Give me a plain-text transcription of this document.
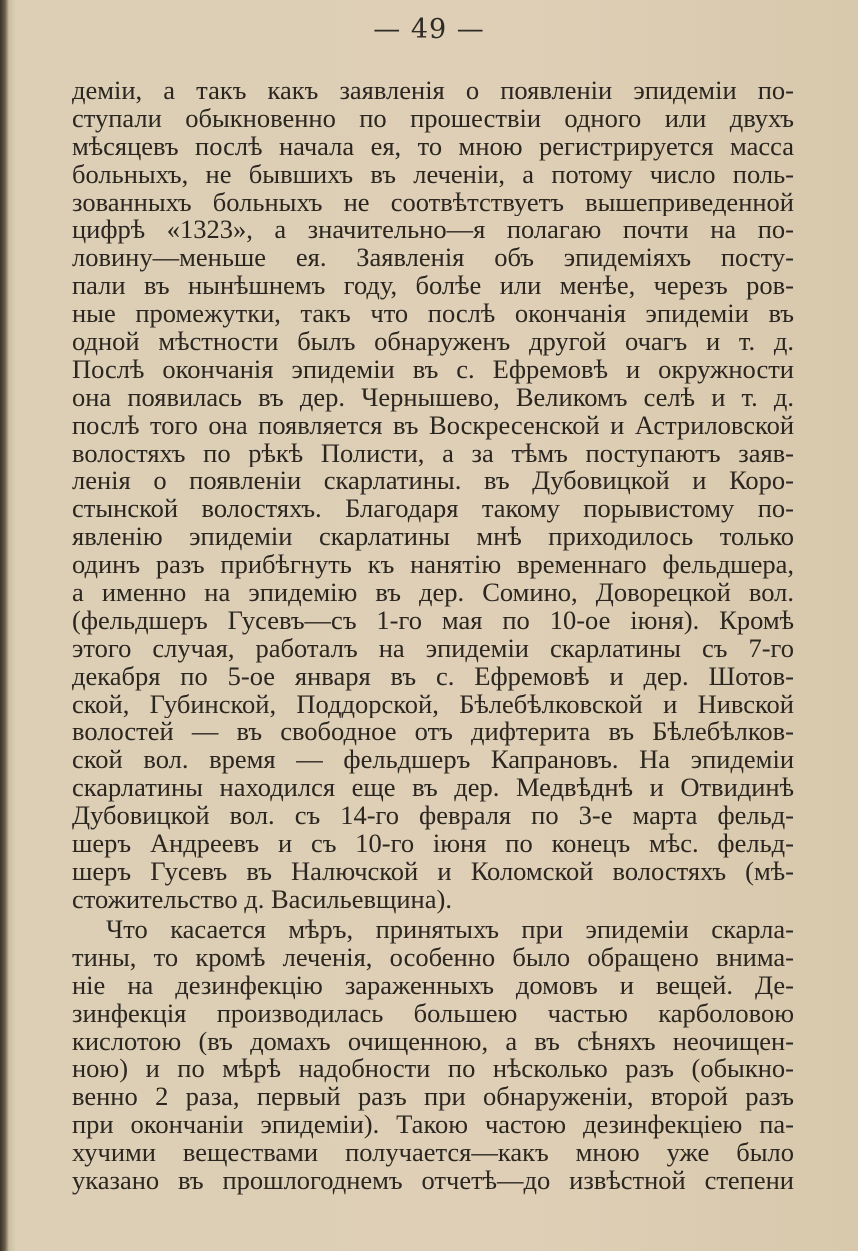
— 49 —
деміи, а такъ какъ заявленія о появленіи эпидеміи по-
ступали обыкновенно по прошествіи одного или двухъ
мѣсяцевъ послѣ начала ея, то мною регистрируется масса
больныхъ, не бывшихъ въ леченіи, а потому число поль-
зованныхъ больныхъ не соотвѣтствуетъ вышеприведенной
цифрѣ «1323», а значительно—я полагаю почти на по-
ловину—меньше ея. Заявленія объ эпидеміяхъ посту-
пали въ нынѣшнемъ году, болѣе или менѣе, черезъ ров-
ные промежутки, такъ что послѣ окончанія эпидеміи въ
одной мѣстности былъ обнаруженъ другой очагъ и т. д.
Послѣ окончанія эпидеміи въ с. Ефремовѣ и окружности
она появилась въ дер. Чернышево, Великомъ селѣ и т. д.
послѣ того она появляется въ Воскресенской и Астриловской
волостяхъ по рѣкѣ Полисти, а за тѣмъ поступаютъ заяв-
ленія о появленіи скарлатины. въ Дубовицкой и Коро-
стынской волостяхъ. Благодаря такому порывистому по-
явленію эпидеміи скарлатины мнѣ приходилось только
одинъ разъ прибѣгнуть къ нанятію временнаго фельдшера,
а именно на эпидемію въ дер. Сомино, Доворецкой вол.
(фельдшеръ Гусевъ—съ 1-го мая по 10-ое іюня). Кромѣ
этого случая, работалъ на эпидеміи скарлатины съ 7-го
декабря по 5-ое января въ с. Ефремовѣ и дер. Шотов-
ской, Губинской, Поддорской, Бѣлебѣлковской и Нивской
волостей — въ свободное отъ дифтерита въ Бѣлебѣлков-
ской вол. время — фельдшеръ Капрановъ. На эпидеміи
скарлатины находился еще въ дер. Медвѣднѣ и Отвидинѣ
Дубовицкой вол. съ 14-го февраля по 3-е марта фельд-
шеръ Андреевъ и съ 10-го іюня по конецъ мѣс. фельд-
шеръ Гусевъ въ Налючской и Коломской волостяхъ (мѣ-
стожительство д. Васильевщина).
Что касается мѣръ, принятыхъ при эпидеміи скарла-
тины, то кромѣ леченія, особенно было обращено внима-
ніе на дезинфекцію зараженныхъ домовъ и вещей. Де-
зинфекція производилась большею частью карболовою
кислотою (въ домахъ очищенною, а въ сѣняхъ неочищен-
ною) и по мѣрѣ надобности по нѣсколько разъ (обыкно-
венно 2 раза, первый разъ при обнаруженіи, второй разъ
при окончаніи эпидеміи). Такою частою дезинфекціею па-
хучими веществами получается—какъ мною уже было
указано въ прошлогоднемъ отчетѣ—до извѣстной степени
